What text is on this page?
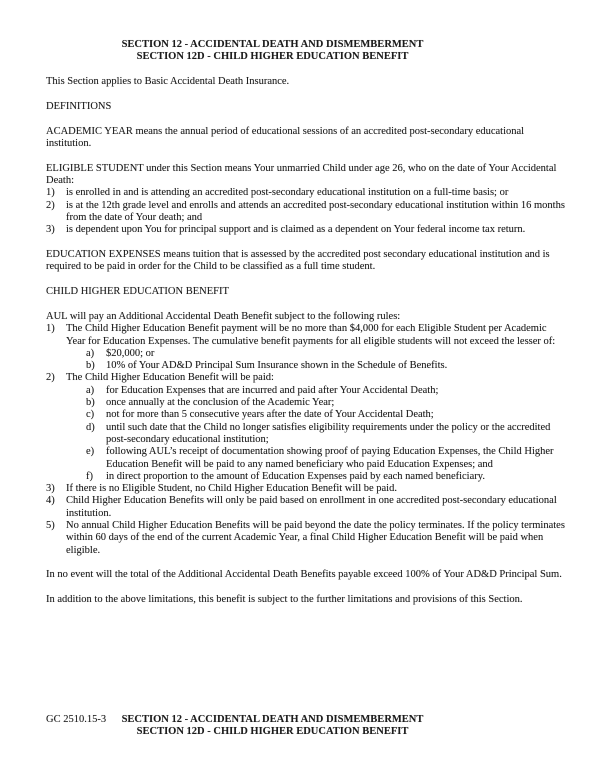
SECTION 12 - ACCIDENTAL DEATH AND DISMEMBERMENT
SECTION 12D - CHILD HIGHER EDUCATION BENEFIT
This Section applies to Basic Accidental Death Insurance.
DEFINITIONS
ACADEMIC YEAR means the annual period of educational sessions of an accredited post-secondary educational institution.
ELIGIBLE STUDENT under this Section means Your unmarried Child under age 26, who on the date of Your Accidental Death:
1)	is enrolled in and is attending an accredited post-secondary educational institution on a full-time basis; or
2)	is at the 12th grade level and enrolls and attends an accredited post-secondary educational institution within 16 months from the date of Your death; and
3)	is dependent upon You for principal support and is claimed as a dependent on Your federal income tax return.
EDUCATION EXPENSES means tuition that is assessed by the accredited post secondary educational institution and is required to be paid in order for the Child to be classified as a full time student.
CHILD HIGHER EDUCATION BENEFIT
AUL will pay an Additional Accidental Death Benefit subject to the following rules:
1)	The Child Higher Education Benefit payment will be no more than $4,000 for each Eligible Student per Academic Year for Education Expenses. The cumulative benefit payments for all eligible students will not exceed the lesser of:
a)	$20,000; or
b)	10% of Your AD&D Principal Sum Insurance shown in the Schedule of Benefits.
2)	The Child Higher Education Benefit will be paid:
a)	for Education Expenses that are incurred and paid after Your Accidental Death;
b)	once annually at the conclusion of the Academic Year;
c)	not for more than 5 consecutive years after the date of Your Accidental Death;
d)	until such date that the Child no longer satisfies eligibility requirements under the policy or the accredited post-secondary educational institution;
e)	following AUL’s receipt of documentation showing proof of paying Education Expenses, the Child Higher Education Benefit will be paid to any named beneficiary who paid Education Expenses; and
f)	in direct proportion to the amount of Education Expenses paid by each named beneficiary.
3)	If there is no Eligible Student, no Child Higher Education Benefit will be paid.
4)	Child Higher Education Benefits will only be paid based on enrollment in one accredited post-secondary educational institution.
5)	No annual Child Higher Education Benefits will be paid beyond the date the policy terminates. If the policy terminates within 60 days of the end of the current Academic Year, a final Child Higher Education Benefit will be paid when eligible.
In no event will the total of the Additional Accidental Death Benefits payable exceed 100% of Your AD&D Principal Sum.
In addition to the above limitations, this benefit is subject to the further limitations and provisions of this Section.
GC 2510.15-3	SECTION 12 - ACCIDENTAL DEATH AND DISMEMBERMENT
SECTION 12D - CHILD HIGHER EDUCATION BENEFIT
